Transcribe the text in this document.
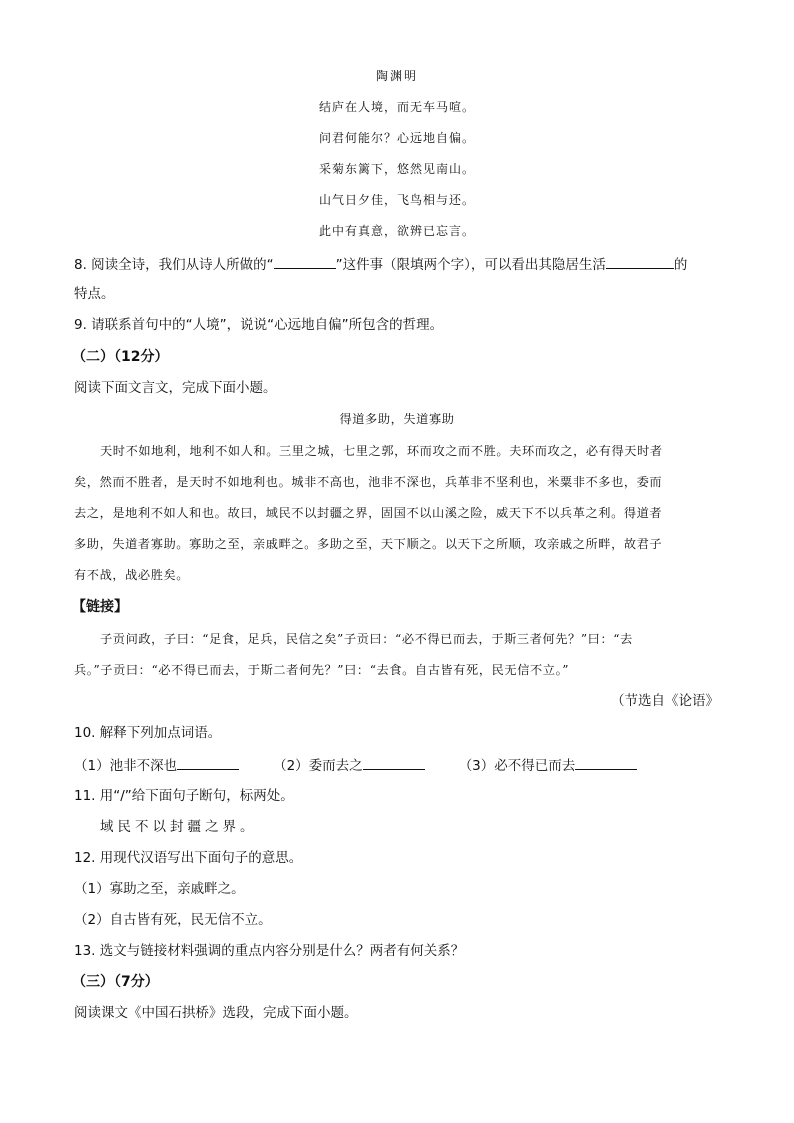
陶渊明
结庐在人境，而无车马喧。
问君何能尔？心远地自偏。
采菊东篱下，悠然见南山。
山气日夕佳，飞鸟相与还。
此中有真意，欲辨已忘言。
8. 阅读全诗，我们从诗人所做的“	”这件事（限填两个字），可以看出其隐居生活	的
特点。
9. 请联系首句中的“人境”，说说“心远地自偏”所包含的哲理。
（二）（12分）
阅读下面文言文，完成下面小题。
得道多助，失道寡助
天时不如地利，地利不如人和。三里之城，七里之郭，环而攻之而不胜。夫环而攻之，必有得天时者
矣，然而不胜者，是天时不如地利也。城非不高也，池非不深也，兵革非不坚利也，米粟非不多也，委而
去之，是地利不如人和也。故曰，域民不以封疆之界，固国不以山溪之险，威天下不以兵革之利。得道者
多助，失道者寡助。寡助之至，亲戚畔之。多助之至，天下顺之。以天下之所顺，攻亲戚之所畔，故君子
有不战，战必胜矣。
【链接】
子贡问政，子曰：“足食，足兵，民信之矣”子贡曰：“必不得已而去，于斯三者何先？”曰：“去
兵。”子贡曰：“必不得已而去，于斯二者何先？”曰：“去食。自古皆有死，民无信不立。”
（节选自《论语》
10. 解释下列加点词语。
（1）池非不深也	（2）委而去之	（3）必不得已而去
11. 用“/”给下面句子断句，标两处。
域民不以封疆之界。
12. 用现代汉语写出下面句子的意思。
（1）寡助之至，亲戚畔之。
（2）自古皆有死，民无信不立。
13. 选文与链接材料强调的重点内容分别是什么？两者有何关系？
（三）（7分）
阅读课文《中国石拱桥》选段，完成下面小题。
